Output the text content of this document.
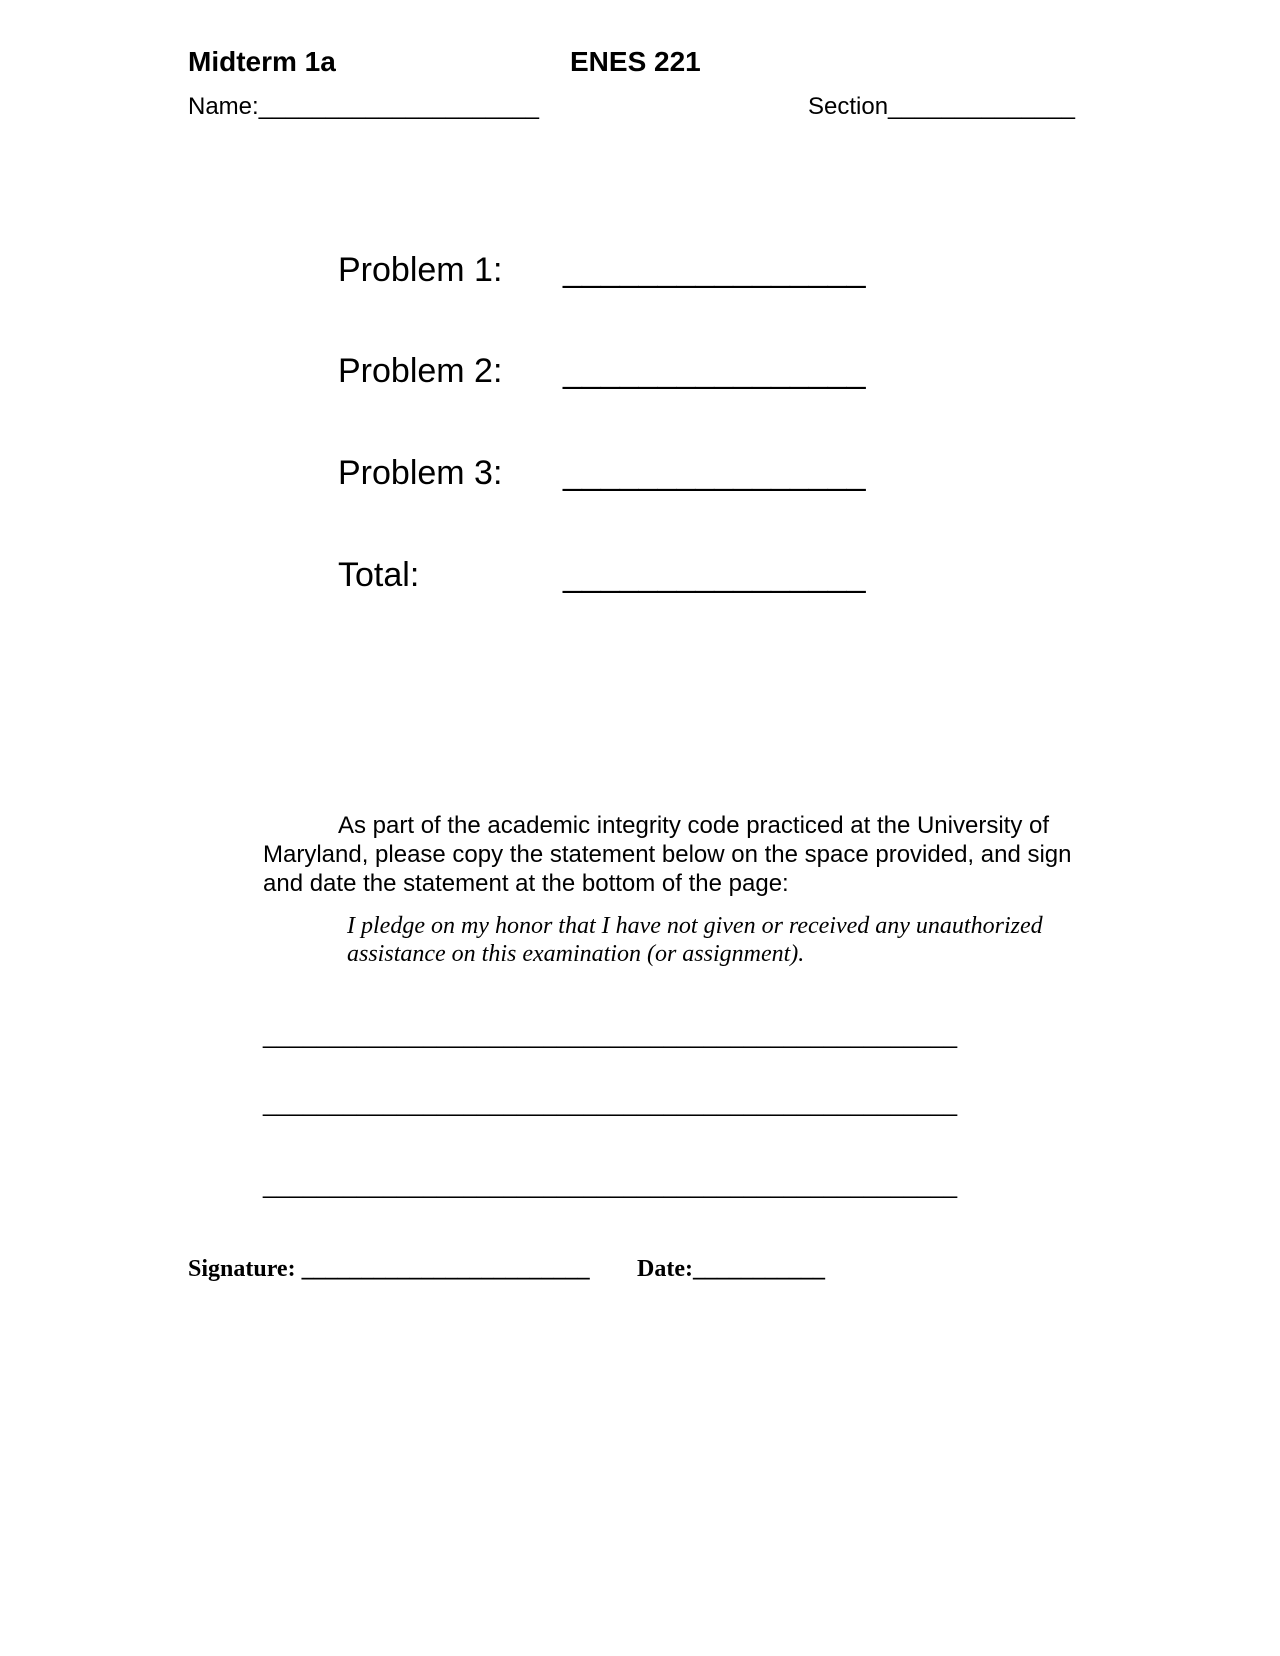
Midterm 1a	ENES 221
Name:_____________________	Section______________
Problem 1: ________________
Problem 2: ________________
Problem 3: ________________
Total:	________________
As part of the academic integrity code practiced at the University of Maryland, please copy the statement below on the space provided, and sign and date the statement at the bottom of the page:
I pledge on my honor that I have not given or received any unauthorized assistance on this examination (or assignment).
____________________________________________________
____________________________________________________
____________________________________________________
Signature: ________________________ Date:___________
